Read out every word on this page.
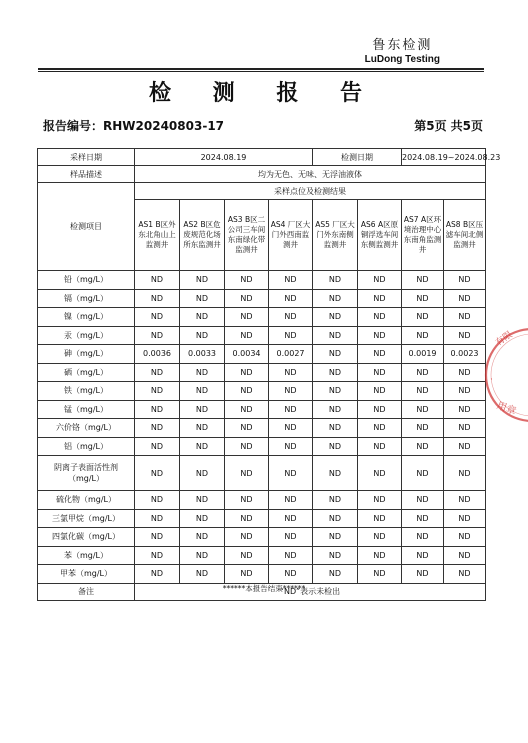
鲁东检测
LuDong Testing
检 测 报 告
报告编号：RHW20240803-17	第5页 共5页
采样日期	2024.08.19				检测日期		2024.08.19~2024.08.23	
样品描述	均为无色、无味、无浮油液体							
检测项目	采样点位及检测结果							
	AS1 B区外东北角山上监测井	AS2 B区危废规范化场所东监测井	AS3 B区二公司三车间东南绿化带监测井	AS4 厂区大门外西南监测井	AS5 厂区大门外东南侧监测井	AS6 A区原铜浮选车间东侧监测井	AS7 A区环境治理中心东南角监测井	AS8 B区压滤车间北侧监测井
铅（mg/L）	ND	ND	ND	ND	ND	ND	ND	ND
镉（mg/L）	ND	ND	ND	ND	ND	ND	ND	ND
镍（mg/L）	ND	ND	ND	ND	ND	ND	ND	ND
汞（mg/L）	ND	ND	ND	ND	ND	ND	ND	ND
砷（mg/L）	0.0036	0.0033	0.0034	0.0027	ND	ND	0.0019	0.0023
硒（mg/L）	ND	ND	ND	ND	ND	ND	ND	ND
铁（mg/L）	ND	ND	ND	ND	ND	ND	ND	ND
锰（mg/L）	ND	ND	ND	ND	ND	ND	ND	ND
六价铬（mg/L）	ND	ND	ND	ND	ND	ND	ND	ND
铝（mg/L）	ND	ND	ND	ND	ND	ND	ND	ND
阴离子表面活性剂（mg/L）	ND	ND	ND	ND	ND	ND	ND	ND
硫化物（mg/L）	ND	ND	ND	ND	ND	ND	ND	ND
三氯甲烷（mg/L）	ND	ND	ND	ND	ND	ND	ND	ND
四氯化碳（mg/L）	ND	ND	ND	ND	ND	ND	ND	ND
苯（mg/L）	ND	ND	ND	ND	ND	ND	ND	ND
甲苯（mg/L）	ND	ND	ND	ND	ND	ND	ND	ND
备注	“ND”表示未检出							
******本报告结束******
有限
·
用章
